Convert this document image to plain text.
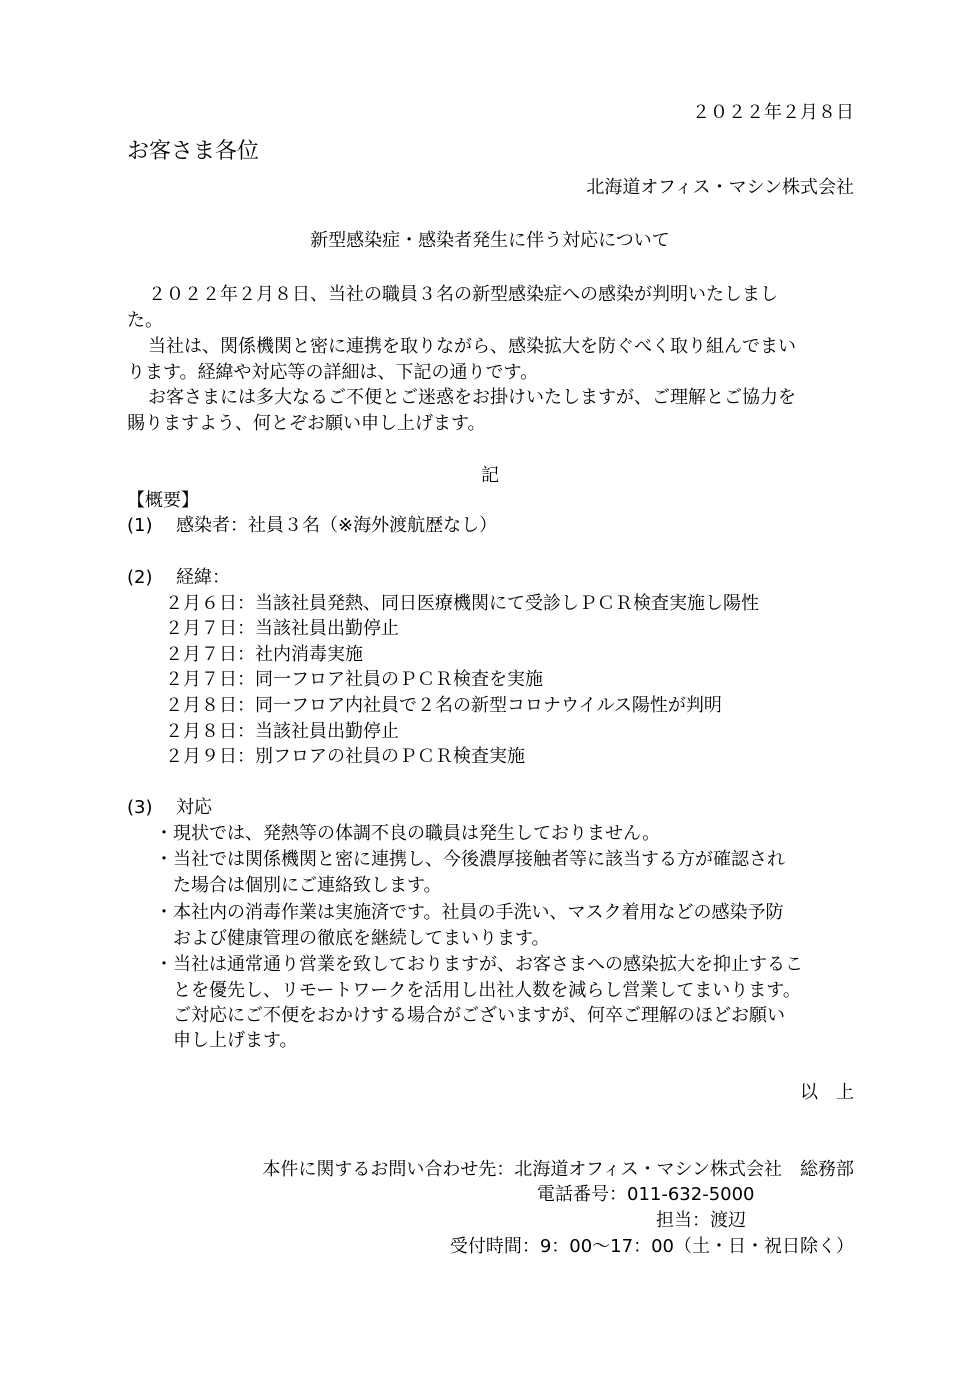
２０２２年２月８日
お客さま各位
北海道オフィス・マシン株式会社
新型感染症・感染者発生に伴う対応について
２０２２年２月８日、当社の職員３名の新型感染症への感染が判明いたしまし
た。
当社は、関係機関と密に連携を取りながら、感染拡大を防ぐべく取り組んでまい
ります。経緯や対応等の詳細は、下記の通りです。
お客さまには多大なるご不便とご迷惑をお掛けいたしますが、ご理解とご協力を
賜りますよう、何とぞお願い申し上げます。
記
【概要】
(1) 感染者：社員３名（※海外渡航歴なし）
(2) 経緯：
２月６日：当該社員発熱、同日医療機関にて受診しＰＣＲ検査実施し陽性
２月７日：当該社員出勤停止
２月７日：社内消毒実施
２月７日：同一フロア社員のＰＣＲ検査を実施
２月８日：同一フロア内社員で２名の新型コロナウイルス陽性が判明
２月８日：当該社員出勤停止
２月９日：別フロアの社員のＰＣＲ検査実施
(3) 対応
・現状では、発熱等の体調不良の職員は発生しておりません。
・当社では関係機関と密に連携し、今後濃厚接触者等に該当する方が確認され
た場合は個別にご連絡致します。
・本社内の消毒作業は実施済です。社員の手洗い、マスク着用などの感染予防
および健康管理の徹底を継続してまいります。
・当社は通常通り営業を致しておりますが、お客さまへの感染拡大を抑止するこ
とを優先し、リモートワークを活用し出社人数を減らし営業してまいります。
ご対応にご不便をおかけする場合がございますが、何卒ご理解のほどお願い
申し上げます。
以　上
本件に関するお問い合わせ先：北海道オフィス・マシン株式会社　総務部
電話番号：011-632-5000
担当：渡辺
受付時間：9：00〜17：00（土・日・祝日除く）
